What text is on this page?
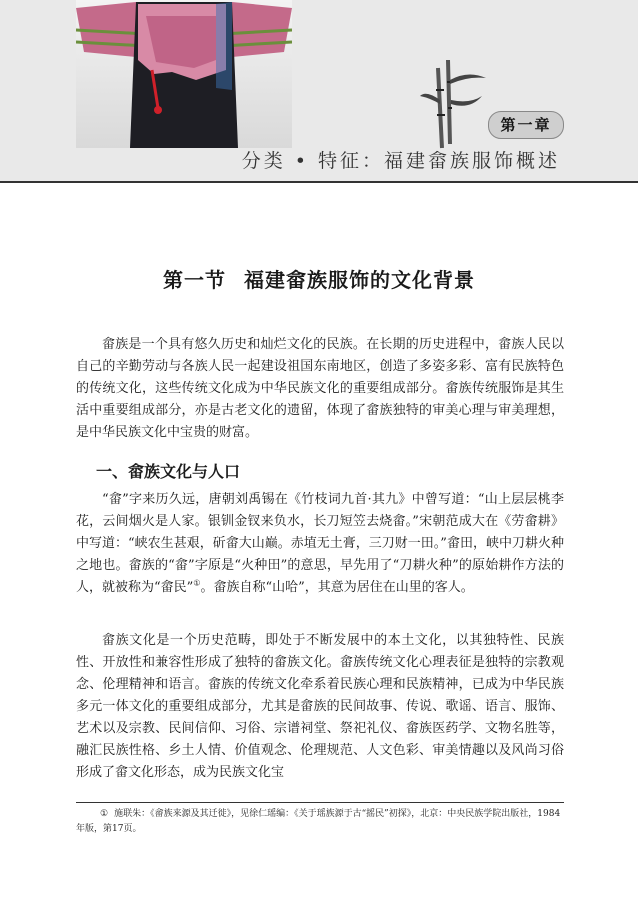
第一章
分类 • 特征：福建畲族服饰概述
第一节 福建畲族服饰的文化背景

畲族是一个具有悠久历史和灿烂文化的民族。在长期的历史进程中，畲族人民以自己的辛勤劳动与各族人民一起建设祖国东南地区，创造了多姿多彩、富有民族特色的传统文化，这些传统文化成为中华民族文化的重要组成部分。畲族传统服饰是其生活中重要组成部分，亦是古老文化的遗留，体现了畲族独特的审美心理与审美理想，是中华民族文化中宝贵的财富。

一、畲族文化与人口

“畲”字来历久远，唐朝刘禹锡在《竹枝词九首·其九》中曾写道：“山上层层桃李花，云间烟火是人家。银钏金钗来负水，长刀短笠去烧畲。”宋朝范成大在《劳畲耕》中写道：“峡农生甚艰，斫畲大山巅。赤埴无土膏，三刀财一田。”畲田，峡中刀耕火种之地也。畲族的“畲”字原是“火种田”的意思，早先用了“刀耕火种”的原始耕作方法的人，就被称为“畲民”①。畲族自称“山哈”，其意为居住在山里的客人。

畲族文化是一个历史范畴，即处于不断发展中的本土文化，以其独特性、民族性、开放性和兼容性形成了独特的畲族文化。畲族传统文化心理表征是独特的宗教观念、伦理精神和语言。畲族的传统文化牵系着民族心理和民族精神，已成为中华民族多元一体文化的重要组成部分，尤其是畲族的民间故事、传说、歌谣、语言、服饰、艺术以及宗教、民间信仰、习俗、宗谱祠堂、祭祀礼仪、畲族医药学、文物名胜等，融汇民族性格、乡土人情、价值观念、伦理规范、人文色彩、审美情趣以及风尚习俗形成了畲文化形态，成为民族文化宝

① 施联朱：《畲族来源及其迁徙》，见徐仁瑶编：《关于瑶族源于古“摇民”初探》，北京：中央民族学院出版社，1984年版，第17页。
